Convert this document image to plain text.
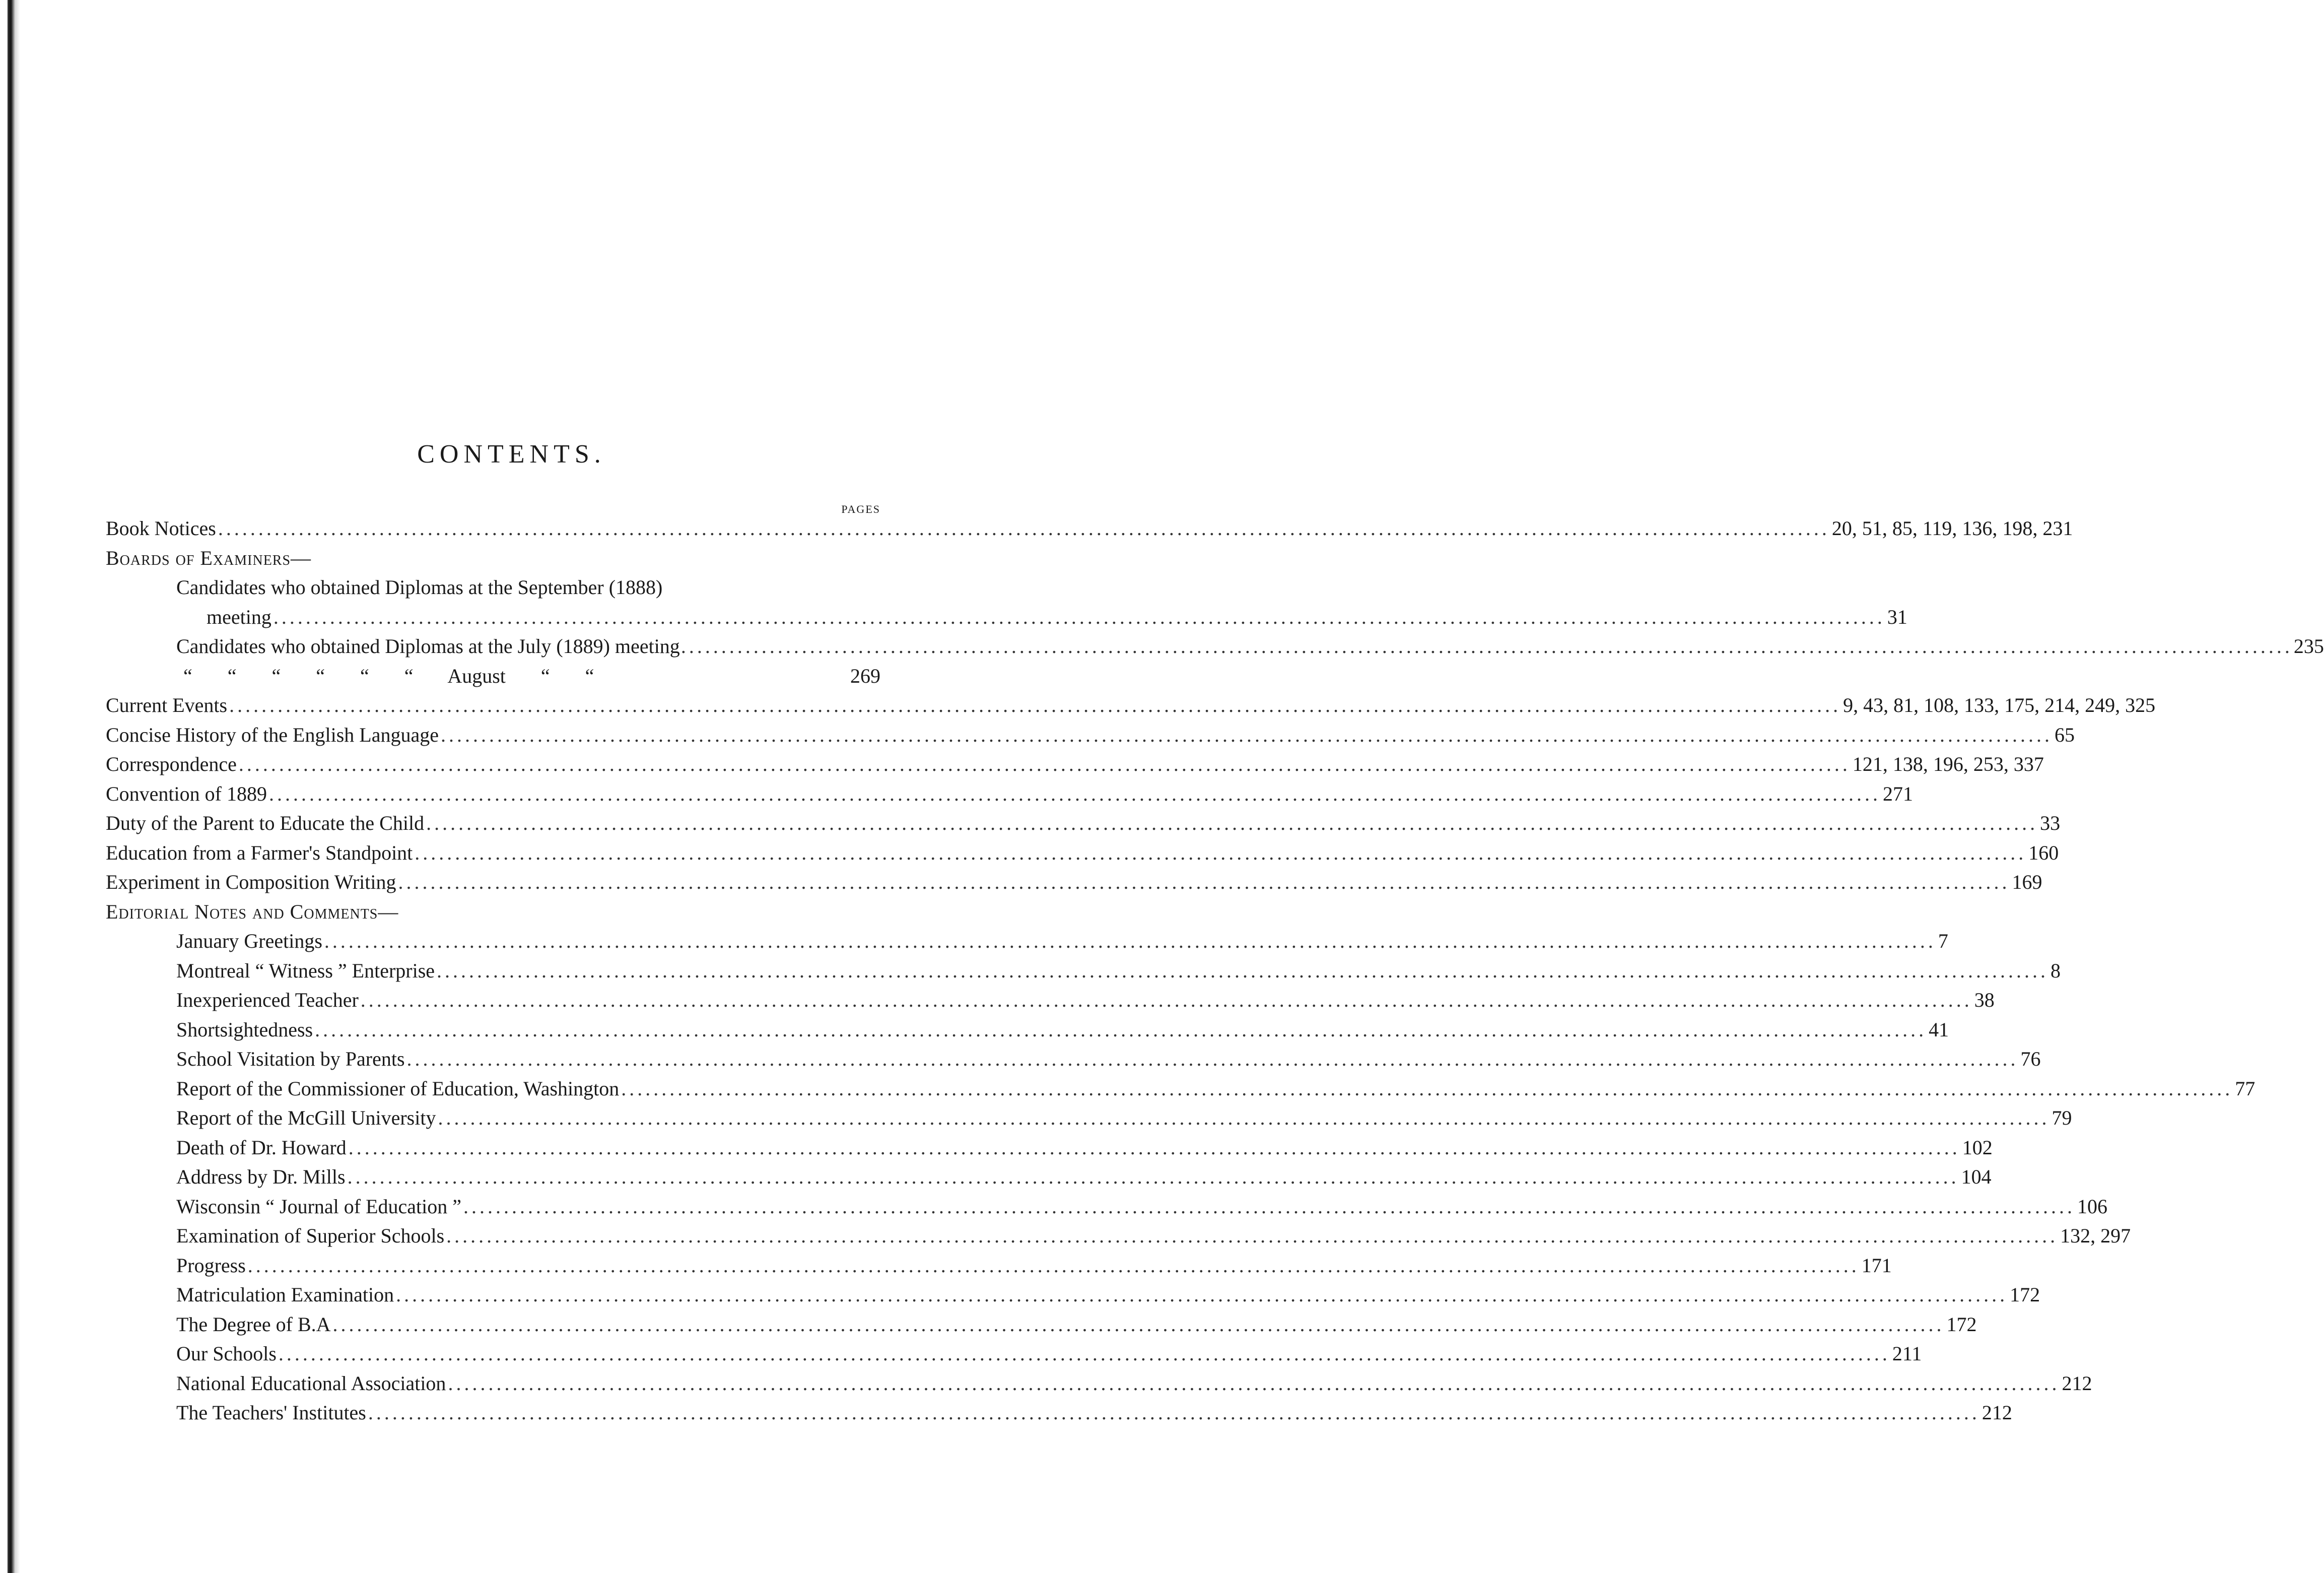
CONTENTS.
PAGES
Book Notices .....	20, 51, 85, 119, 136, 198, 231
Boards of Examiners—
Candidates who obtained Diplomas at the September (1888)
meeting .....	31
Candidates who obtained Diplomas at the July (1889) meeting .....	235
“ “ “ “ “ “ August “ “	269
Current Events .....	9, 43, 81, 108, 133, 175, 214, 249, 325
Concise History of the English Language .....	65
Correspondence .....	121, 138, 196, 253, 337
Convention of 1889 .....	271
Duty of the Parent to Educate the Child .....	33
Education from a Farmer's Standpoint .....	160
Experiment in Composition Writing .....	169
Editorial Notes and Comments—
January Greetings .....	7
Montreal “ Witness ” Enterprise .....	8
Inexperienced Teacher .....	38
Shortsightedness .....	41
School Visitation by Parents .....	76
Report of the Commissioner of Education, Washington .....	77
Report of the McGill University .....	79
Death of Dr. Howard .....	102
Address by Dr. Mills .....	104
Wisconsin “ Journal of Education ” .....	106
Examination of Superior Schools .....	132, 297
Progress .....	171
Matriculation Examination .....	172
The Degree of B.A .....	172
Our Schools .....	211
National Educational Association .....	212
The Teachers' Institutes .....	212
